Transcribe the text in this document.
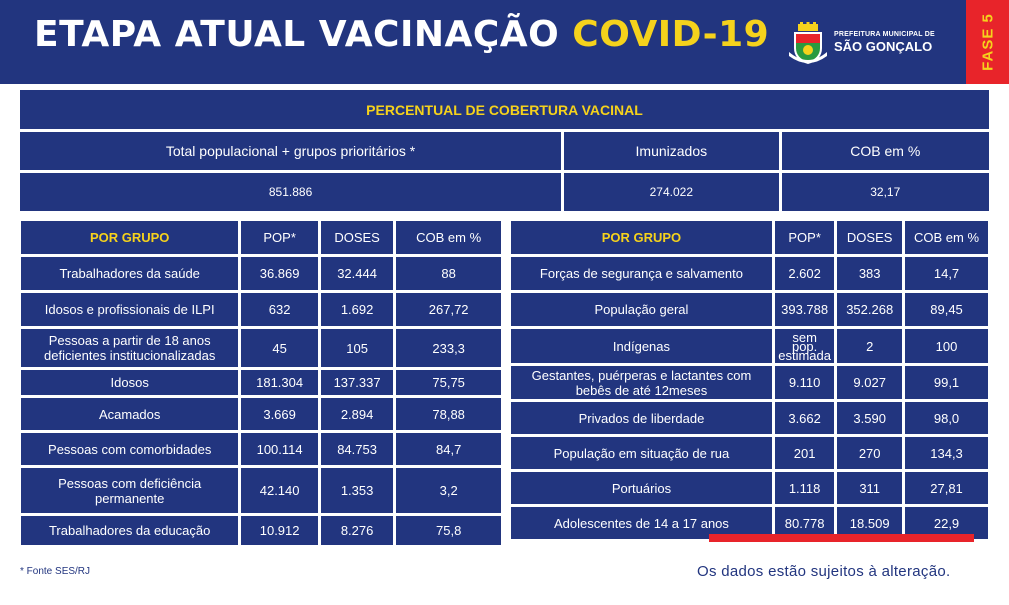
ETAPA ATUAL VACINAÇÃO COVID-19	PREFEITURA MUNICIPAL DE
SÃO GONÇALO	FASE 5
PERCENTUAL DE COBERTURA VACINAL		
Total populacional + grupos prioritários *	Imunizados	COB em %
851.886	274.022	32,17
POR GRUPO	POP*	DOSES	COB em %
Trabalhadores da saúde	36.869	32.444	88
Idosos e profissionais de ILPI	632	1.692	267,72
Pessoas a partir de 18 anos deficientes institucionalizadas	45	105	233,3
Idosos	181.304	137.337	75,75
Acamados	3.669	2.894	78,88
Pessoas com comorbidades	100.114	84.753	84,7
Pessoas com deficiência permanente	42.140	1.353	3,2
Trabalhadores da educação	10.912	8.276	75,8
POR GRUPO	POP*	DOSES	COB em %
Forças de segurança e salvamento	2.602	383	14,7
População geral	393.788	352.268	89,45
Indígenas	sem pop. estimada	2	100
Gestantes, puérperas e lactantes com bebês de até 12meses	9.110	9.027	99,1
Privados de liberdade	3.662	3.590	98,0
População em situação de rua	201	270	134,3
Portuários	1.118	311	27,81
Adolescentes de 14 a 17 anos	80.778	18.509	22,9
* Fonte SES/RJ	Os dados estão sujeitos à alteração.
